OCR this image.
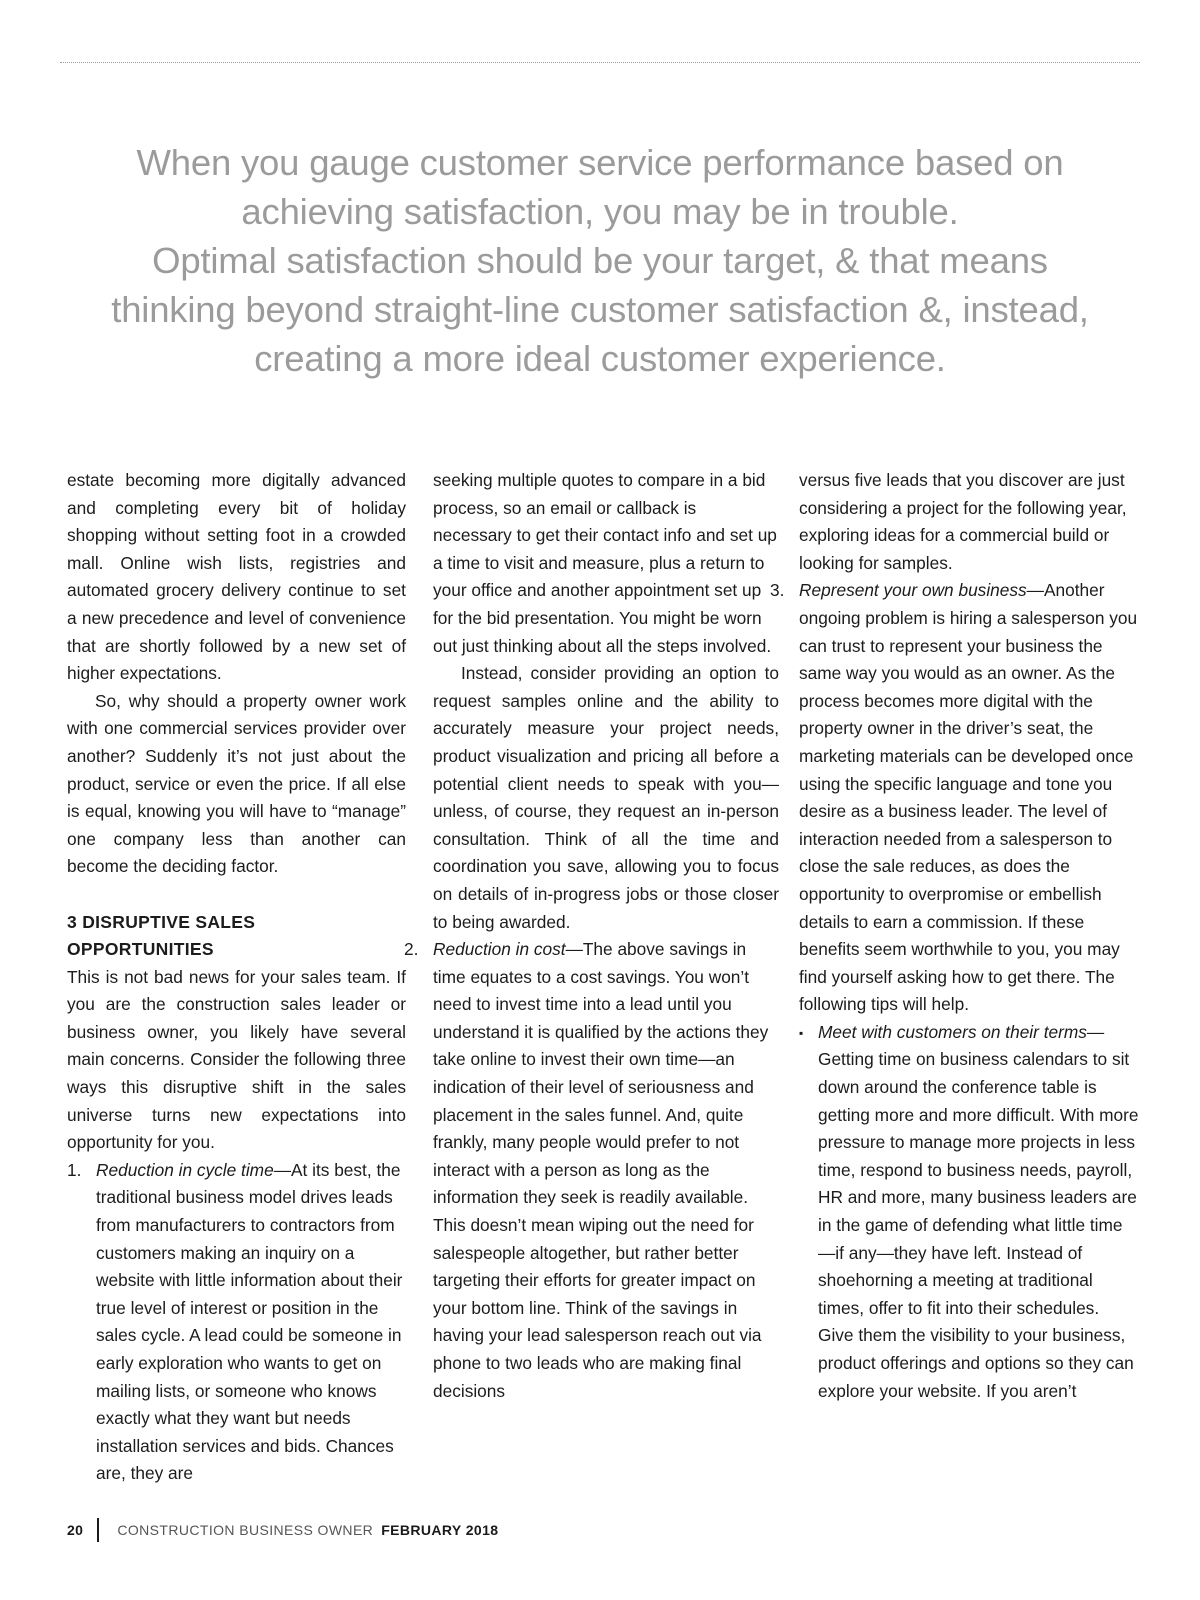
When you gauge customer service performance based on
achieving satisfaction, you may be in trouble.
Optimal satisfaction should be your target, & that means
thinking beyond straight-line customer satisfaction &, instead,
creating a more ideal customer experience.

estate becoming more digitally advanced and completing every bit of holiday shopping without setting foot in a crowded mall. Online wish lists, registries and automated grocery delivery continue to set a new precedence and level of convenience that are shortly followed by a new set of higher expectations.

So, why should a property owner work with one commercial services provider over another? Suddenly it’s not just about the product, service or even the price. If all else is equal, knowing you will have to “manage” one company less than another can become the deciding factor.

3 DISRUPTIVE SALES
OPPORTUNITIES

This is not bad news for your sales team. If you are the construction sales leader or business owner, you likely have several main concerns. Consider the following three ways this disruptive shift in the sales universe turns new expectations into opportunity for you.

1. Reduction in cycle time—At its best, the traditional business model drives leads from manufacturers to contractors from customers making an inquiry on a website with little information about their true level of interest or position in the sales cycle. A lead could be someone in early exploration who wants to get on mailing lists, or someone who knows exactly what they want but needs installation services and bids. Chances are, they are

seeking multiple quotes to compare in a bid process, so an email or callback is necessary to get their contact info and set up a time to visit and measure, plus a return to your office and another appointment set up for the bid presentation. You might be worn out just thinking about all the steps involved.

Instead, consider providing an option to request samples online and the ability to accurately measure your project needs, product visualization and pricing all before a potential client needs to speak with you—unless, of course, they request an in-person consultation. Think of all the time and coordination you save, allowing you to focus on details of in-progress jobs or those closer to being awarded.

2. Reduction in cost—The above savings in time equates to a cost savings. You won’t need to invest time into a lead until you understand it is qualified by the actions they take online to invest their own time—an indication of their level of seriousness and placement in the sales funnel. And, quite frankly, many people would prefer to not interact with a person as long as the information they seek is readily available. This doesn’t mean wiping out the need for salespeople altogether, but rather better targeting their efforts for greater impact on your bottom line. Think of the savings in having your lead salesperson reach out via phone to two leads who are making final decisions

versus five leads that you discover are just considering a project for the following year, exploring ideas for a commercial build or looking for samples.

3. Represent your own business—Another ongoing problem is hiring a salesperson you can trust to represent your business the same way you would as an owner. As the process becomes more digital with the property owner in the driver’s seat, the marketing materials can be developed once using the specific language and tone you desire as a business leader. The level of interaction needed from a salesperson to close the sale reduces, as does the opportunity to overpromise or embellish details to earn a commission. If these benefits seem worthwhile to you, you may find yourself asking how to get there. The following tips will help.

▪ Meet with customers on their terms—Getting time on business calendars to sit down around the conference table is getting more and more difficult. With more pressure to manage more projects in less time, respond to business needs, payroll, HR and more, many business leaders are in the game of defending what little time—if any—they have left. Instead of shoehorning a meeting at traditional times, offer to fit into their schedules. Give them the visibility to your business, product offerings and options so they can explore your website. If you aren’t

20 CONSTRUCTION BUSINESS OWNER FEBRUARY 2018
